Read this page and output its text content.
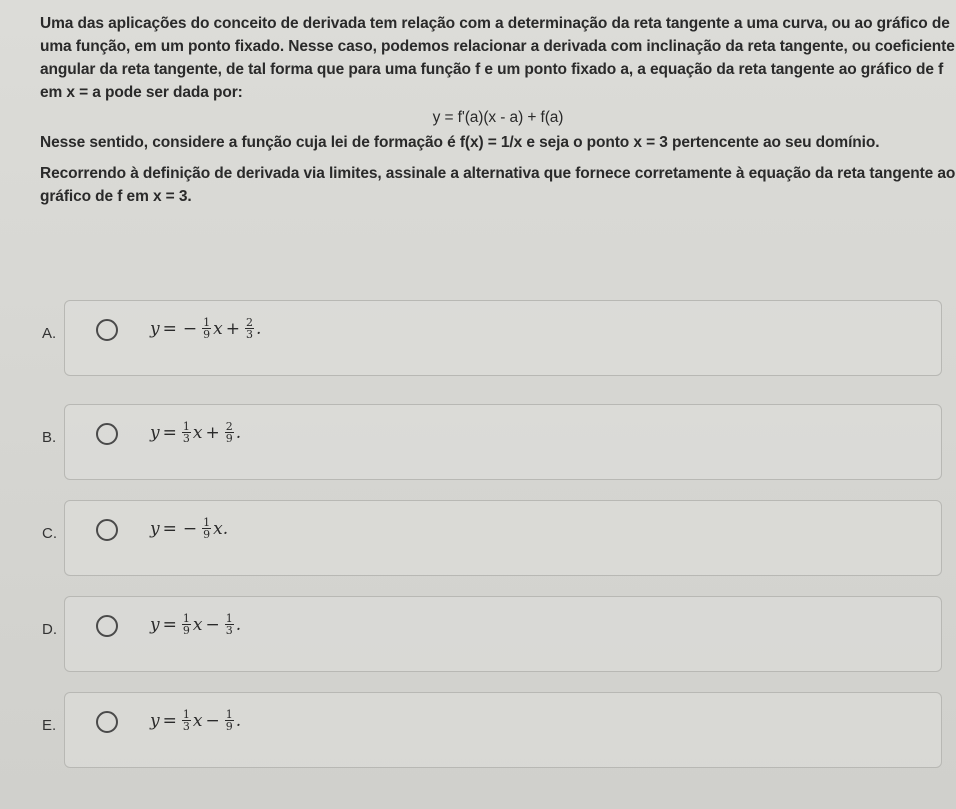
Uma das aplicações do conceito de derivada tem relação com a determinação da reta tangente a uma curva, ou ao gráfico de uma função, em um ponto fixado. Nesse caso, podemos relacionar a derivada com inclinação da reta tangente, ou coeficiente angular da reta tangente, de tal forma que para uma função f e um ponto fixado a, a equação da reta tangente ao gráfico de f em x = a pode ser dada por:

y = f'(a)(x - a) + f(a)

Nesse sentido, considere a função cuja lei de formação é f(x) = 1/x e seja o ponto x = 3 pertencente ao seu domínio.

Recorrendo à definição de derivada via limites, assinale a alternativa que fornece corretamente à equação da reta tangente ao gráfico de f em x = 3.

A.	y = − $\frac{1}{9}$ $x + \frac{2}{3}$ .
B.	$y = \frac{1}{3}$ $x + \frac{2}{9}$ .
C.	y = − $\frac{1}{9} x$.
D.	$y = \frac{1}{9}$ $x - \frac{1}{3}$ .
E.	$y = \frac{1}{3}$ $x - \frac{1}{9}$ .
